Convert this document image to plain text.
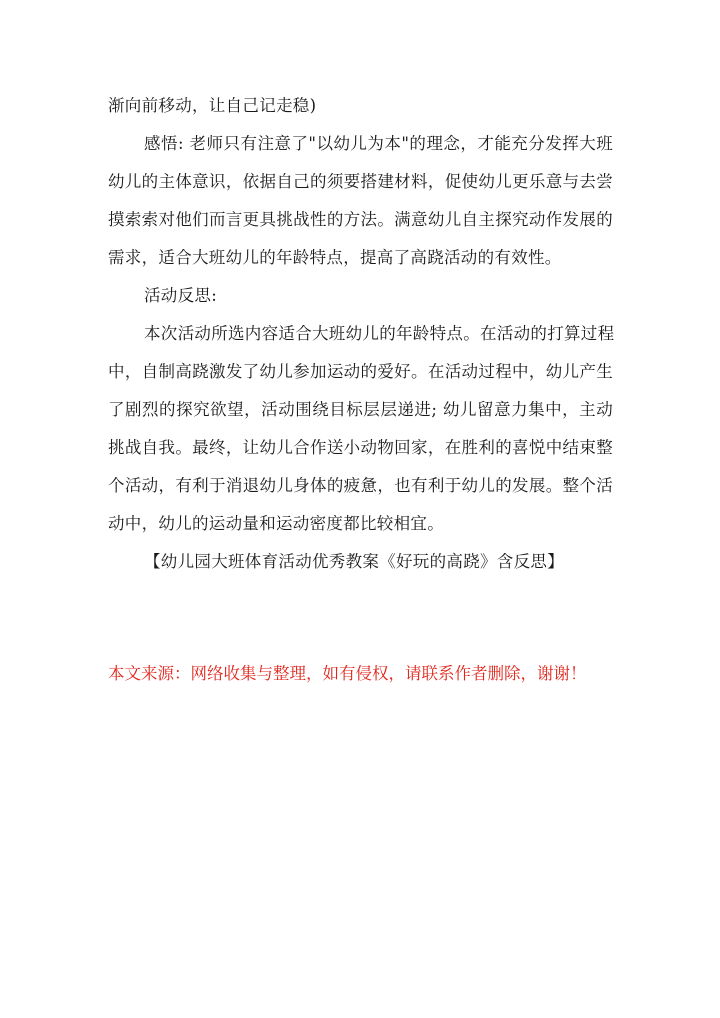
渐向前移动，让自己记走稳)
感悟: 老师只有注意了"以幼儿为本"的理念，才能充分发挥大班
幼儿的主体意识，依据自己的须要搭建材料，促使幼儿更乐意与去尝
摸索索对他们而言更具挑战性的方法。满意幼儿自主探究动作发展的
需求，适合大班幼儿的年龄特点，提高了高跷活动的有效性。
活动反思:
本次活动所选内容适合大班幼儿的年龄特点。在活动的打算过程
中，自制高跷激发了幼儿参加运动的爱好。在活动过程中，幼儿产生
了剧烈的探究欲望，活动围绕目标层层递进; 幼儿留意力集中，主动
挑战自我。最终，让幼儿合作送小动物回家，在胜利的喜悦中结束整
个活动，有利于消退幼儿身体的疲惫，也有利于幼儿的发展。整个活
动中，幼儿的运动量和运动密度都比较相宜。
【幼儿园大班体育活动优秀教案《好玩的高跷》含反思】
本文来源：网络收集与整理，如有侵权，请联系作者删除，谢谢！
